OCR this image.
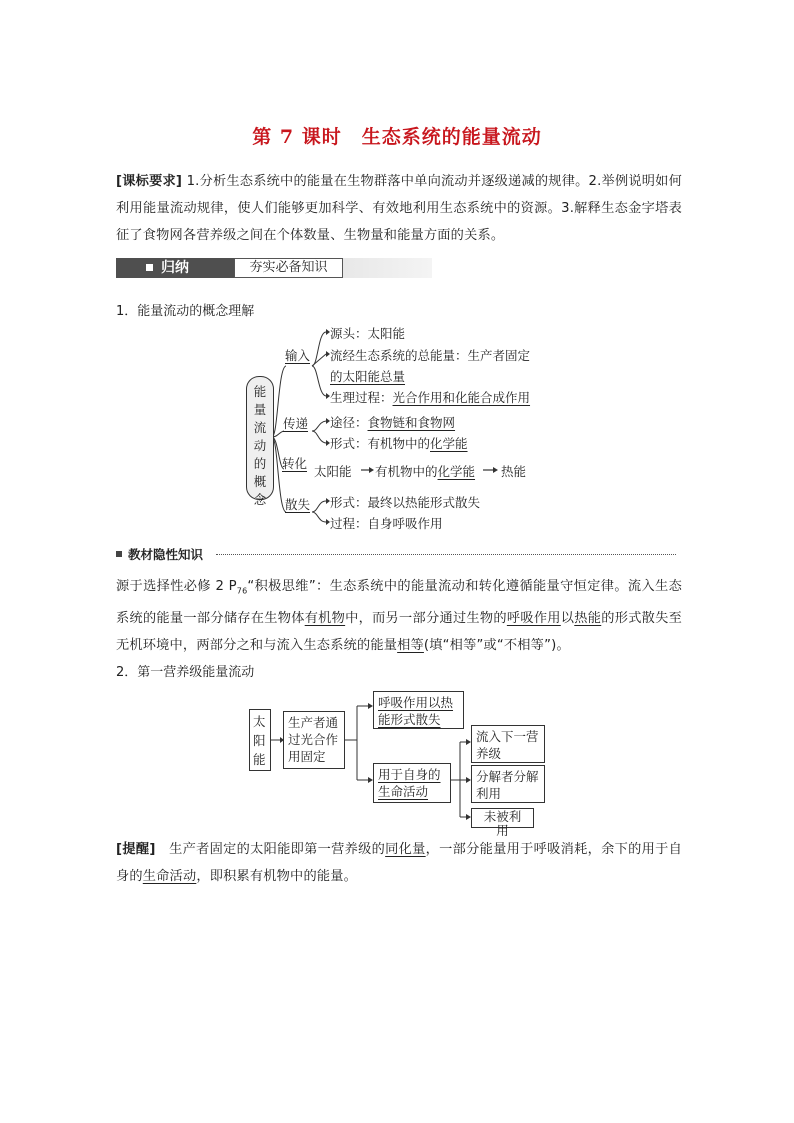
第 7 课时　生态系统的能量流动
[课标要求] 1.分析生态系统中的能量在生物群落中单向流动并逐级递减的规律。2.举例说明如何利用能量流动规律，使人们能够更加科学、有效地利用生态系统中的资源。3.解释生态金字塔表征了食物网各营养级之间在个体数量、生物量和能量方面的关系。
归纳	夯实必备知识
1．能量流动的概念理解
能量流动的概念
输入
源头：太阳能
流经生态系统的总能量：生产者固定
的太阳能总量
生理过程：光合作用和化能合成作用
传递 途径：食物链和食物网
形式：有机物中的化学能
转化
太阳能 有机物中的化学能 热能
散失 形式：最终以热能形式散失
过程：自身呼吸作用
教材隐性知识
源于选择性必修 2 $P_{76}“$积极思维”：生态系统中的能量流动和转化遵循能量守恒定律。流入生态系统的能量一部分储存在生物体有机物中，而另一部分通过生物的呼吸作用以热能的形式散失至无机环境中，两部分之和与流入生态系统的能量相等(填“相等”或“不相等”)。
2．第一营养级能量流动
太阳能
生产者通过光合作用固定
呼吸作用以热能形式散失
用于自身的生命活动
流入下一营养级
分解者分解利用
未被利用
[提醒]　 生产者固定的太阳能即第一营养级的同化量，一部分能量用于呼吸消耗，余下的用于自身的生命活动，即积累有机物中的能量。
